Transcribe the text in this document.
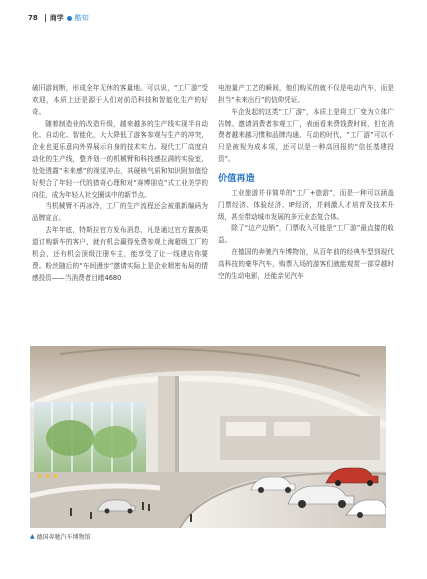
78 商学 酷知

破旧游间断，形成全年无休的客量地。可以说，“工厂游”受欢迎，本质上还是源于人们对前沿科技和智能化生产的好奇。

随着制造业的改造升级，越来越多的生产线实现半自动化、自动化、智能化，大大降低了游客参观与生产的冲突，企业也更乐意向外界展示自身的技术实力。现代工厂高度自动化的生产线，整齐划一的机械臂和科技感拉满的实验室，处处透露“未来感”的视觉冲击，其硬核气质和知识附加值恰好契合了年轻一代的猎奇心理和对“赛博朋克”式工业美学的向往，成为年轻人社交圈谈中的新节点。

当机械臂不再冰冷，工厂的生产流程还会被重新编码为品牌宣言。

去年年底，特斯拉官方发布消息，凡是通过官方置换渠道订购新车的客户，就有机会赢得免费参观上海超级工厂的机会，还有机会顶级注册车主，能享受了让一线建店你要费。粉丝随后的“车间漫步”邀请实际上是企业精密布局的情感投资——当消费者目睹4680

电池量产工艺的瞬间，他们购买的就不仅是电动汽车，而是担当“未来出行”的信仰凭证。

车企发起的这类“工厂游”，本质上是将工厂变为立体广告牌。邀请消费者参观工厂，表面看来费钱费时间，但在消费者越来越习惯和品牌沟通、互动的时代，“工厂游”可以不只是被视为成本项，还可以是一种高回报的“信任基建投资”。

价值再造

工业旅游并非简单的“工厂+旅游”，而是一种可以涵盖门票经济、体验经济、IP经济，并刺激人才培育及技术升级，甚至带动城市发展的多元业态复合体。

除了“边产边销”，门票收入可能是“工厂游”最直接的收益。

在德国的奔驰汽车博物馆，从百年前的经典车型到现代高科技的豪华汽车，购票入场的游客们就能观赏一部穿越时空的生动电影，还能亲见汽车

▲ 德国奔驰汽车博物馆
